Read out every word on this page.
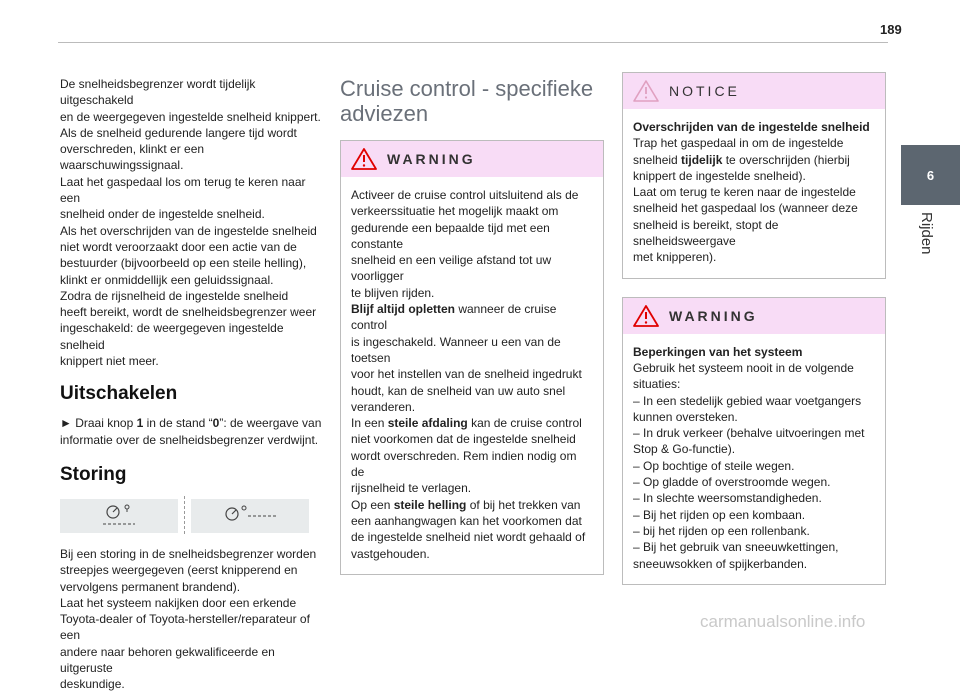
189
6
Rijden

De snelheidsbegrenzer wordt tijdelijk uitgeschakeld

en de weergegeven ingestelde snelheid knippert.

Als de snelheid gedurende langere tijd wordt

overschreden, klinkt er een waarschuwingssignaal.

Laat het gaspedaal los om terug te keren naar een

snelheid onder de ingestelde snelheid.

Als het overschrijden van de ingestelde snelheid

niet wordt veroorzaakt door een actie van de

bestuurder (bijvoorbeeld op een steile helling),

klinkt er onmiddellijk een geluidssignaal.

Zodra de rijsnelheid de ingestelde snelheid

heeft bereikt, wordt de snelheidsbegrenzer weer

ingeschakeld: de weergegeven ingestelde snelheid

knippert niet meer.

Uitschakelen

► Draai knop 1 in de stand “0”: de weergave van

informatie over de snelheidsbegrenzer verdwijnt.

Storing

Bij een storing in de snelheidsbegrenzer worden

streepjes weergegeven (eerst knipperend en

vervolgens permanent brandend).

Laat het systeem nakijken door een erkende

Toyota-dealer of Toyota-hersteller/reparateur of een

andere naar behoren gekwalificeerde en uitgeruste

deskundige.

Cruise control - specifieke
adviezen
WARNING

Activeer de cruise control uitsluitend als de

verkeerssituatie het mogelijk maakt om

gedurende een bepaalde tijd met een constante

snelheid en een veilige afstand tot uw voorligger

te blijven rijden.

Blijf altijd opletten wanneer de cruise control

is ingeschakeld. Wanneer u een van de toetsen

voor het instellen van de snelheid ingedrukt

houdt, kan de snelheid van uw auto snel

veranderen.

In een steile afdaling kan de cruise control

niet voorkomen dat de ingestelde snelheid

wordt overschreden. Rem indien nodig om de

rijsnelheid te verlagen.

Op een steile helling of bij het trekken van

een aanhangwagen kan het voorkomen dat

de ingestelde snelheid niet wordt gehaald of

vastgehouden.

NOTICE

Overschrijden van de ingestelde snelheid

Trap het gaspedaal in om de ingestelde

snelheid tijdelijk te overschrijden (hierbij

knippert de ingestelde snelheid).

Laat om terug te keren naar de ingestelde

snelheid het gaspedaal los (wanneer deze

snelheid is bereikt, stopt de snelheidsweergave

met knipperen).

WARNING

Beperkingen van het systeem

Gebruik het systeem nooit in de volgende

situaties:

– In een stedelijk gebied waar voetgangers

kunnen oversteken.

– In druk verkeer (behalve uitvoeringen met

Stop & Go-functie).

– Op bochtige of steile wegen.

– Op gladde of overstroomde wegen.

– In slechte weersomstandigheden.

– Bij het rijden op een kombaan.

– bij het rijden op een rollenbank.

– Bij het gebruik van sneeuwkettingen,

sneeuwsokken of spijkerbanden.

carmanualsonline.info
